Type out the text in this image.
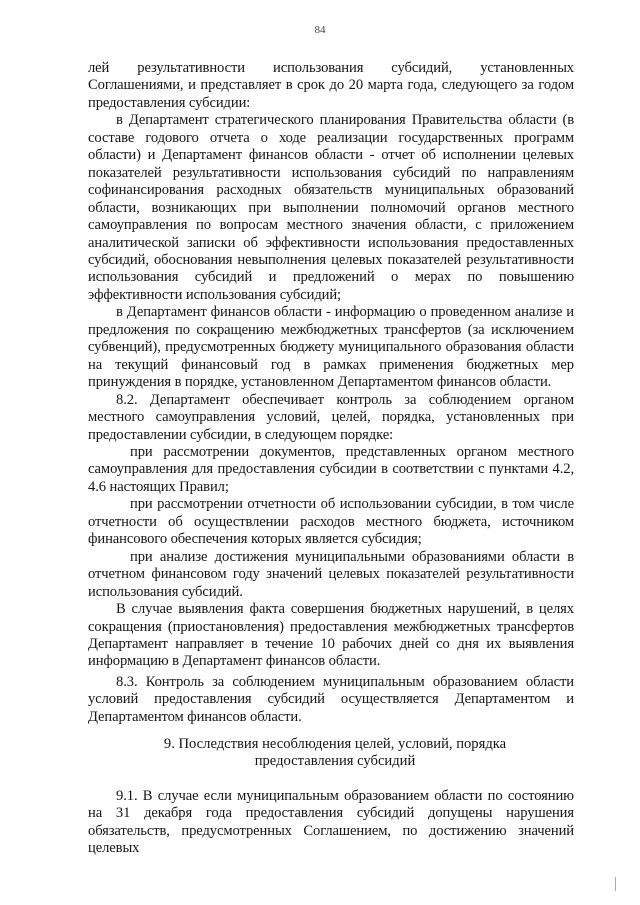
84

лей результативности использования субсидий, установленных Соглашениями, и представляет в срок до 20 марта года, следующего за годом предоставления субсидии:

в Департамент стратегического планирования Правительства области (в составе годового отчета о ходе реализации государственных программ области) и Департамент финансов области - отчет об исполнении целевых показателей результативности использования субсидий по направлениям софинансирования расходных обязательств муниципальных образований области, возникающих при выполнении полномочий органов местного самоуправления по вопросам местного значения области, с приложением аналитической записки об эффективности использования предоставленных субсидий, обоснования невыполнения целевых показателей результативности использования субсидий и предложений о мерах по повышению эффективности использования субсидий;

в Департамент финансов области - информацию о проведенном анализе и предложения по сокращению межбюджетных трансфертов (за исключением субвенций), предусмотренных бюджету муниципального образования области на текущий финансовый год в рамках применения бюджетных мер принуждения в порядке, установленном Департаментом финансов области.

8.2. Департамент обеспечивает контроль за соблюдением органом местного самоуправления условий, целей, порядка, установленных при предоставлении субсидии, в следующем порядке:

при рассмотрении документов, представленных органом местного самоуправления для предоставления субсидии в соответствии с пунктами 4.2, 4.6 настоящих Правил;

при рассмотрении отчетности об использовании субсидии, в том числе отчетности об осуществлении расходов местного бюджета, источником финансового обеспечения которых является субсидия;

при анализе достижения муниципальными образованиями области в отчетном финансовом году значений целевых показателей результативности использования субсидий.

В случае выявления факта совершения бюджетных нарушений, в целях сокращения (приостановления) предоставления межбюджетных трансфертов Департамент направляет в течение 10 рабочих дней со дня их выявления информацию в Департамент финансов области.

8.3. Контроль за соблюдением муниципальным образованием области условий предоставления субсидий осуществляется Департаментом и Департаментом финансов области.

9. Последствия несоблюдения целей, условий, порядка
предоставления субсидий

9.1. В случае если муниципальным образованием области по состоянию на 31 декабря года предоставления субсидий допущены нарушения обязательств, предусмотренных Соглашением, по достижению значений целевых
